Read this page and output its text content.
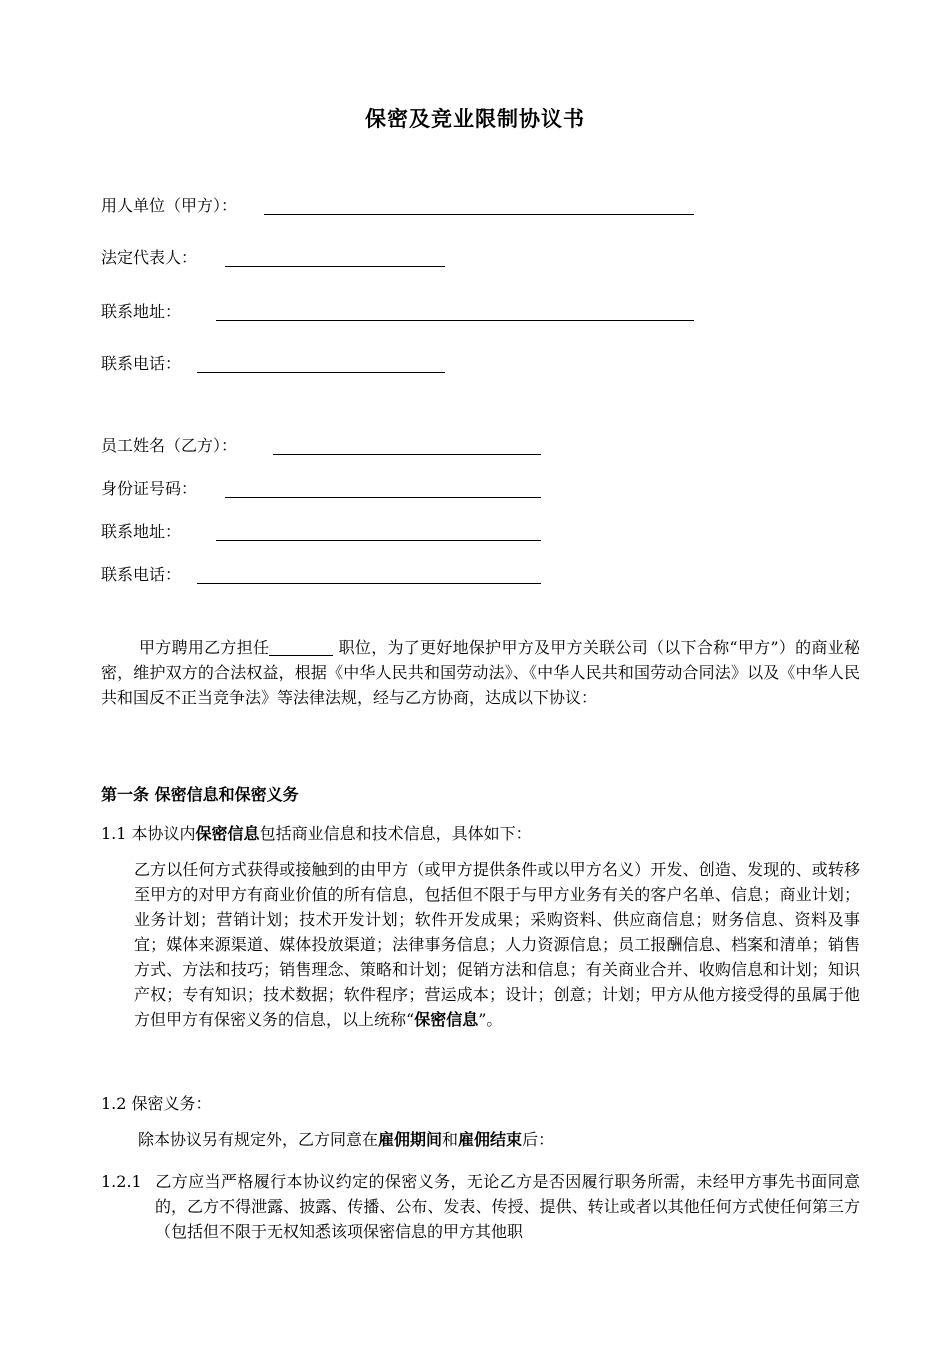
保密及竞业限制协议书
用人单位（甲方）：
法定代表人：
联系地址：
联系电话：
员工姓名（乙方）：
身份证号码：
联系地址：
联系电话：

甲方聘用乙方担任	职位，为了更好地保护甲方及甲方关联公司（以下合称“甲方”）的商业秘密，维护双方的合法权益，根据《中华人民共和国劳动法》、《中华人民共和国劳动合同法》以及《中华人民共和国反不正当竞争法》等法律法规，经与乙方协商，达成以下协议：

第一条 保密信息和保密义务

1.1 本协议内保密信息包括商业信息和技术信息，具体如下：

乙方以任何方式获得或接触到的由甲方（或甲方提供条件或以甲方名义）开发、创造、发现的、或转移至甲方的对甲方有商业价值的所有信息，包括但不限于与甲方业务有关的客户名单、信息；商业计划；业务计划；营销计划；技术开发计划；软件开发成果；采购资料、供应商信息；财务信息、资料及事宜；媒体来源渠道、媒体投放渠道；法律事务信息；人力资源信息；员工报酬信息、档案和清单；销售方式、方法和技巧；销售理念、策略和计划；促销方法和信息；有关商业合并、收购信息和计划；知识产权；专有知识；技术数据；软件程序；营运成本；设计；创意；计划；甲方从他方接受得的虽属于他方但甲方有保密义务的信息，以上统称“保密信息”。

1.2 保密义务：

除本协议另有规定外，乙方同意在雇佣期间和雇佣结束后：

1.2.1 乙方应当严格履行本协议约定的保密义务，无论乙方是否因履行职务所需，未经甲方事先书面同意的，乙方不得泄露、披露、传播、公布、发表、传授、提供、转让或者以其他任何方式使任何第三方（包括但不限于无权知悉该项保密信息的甲方其他职
